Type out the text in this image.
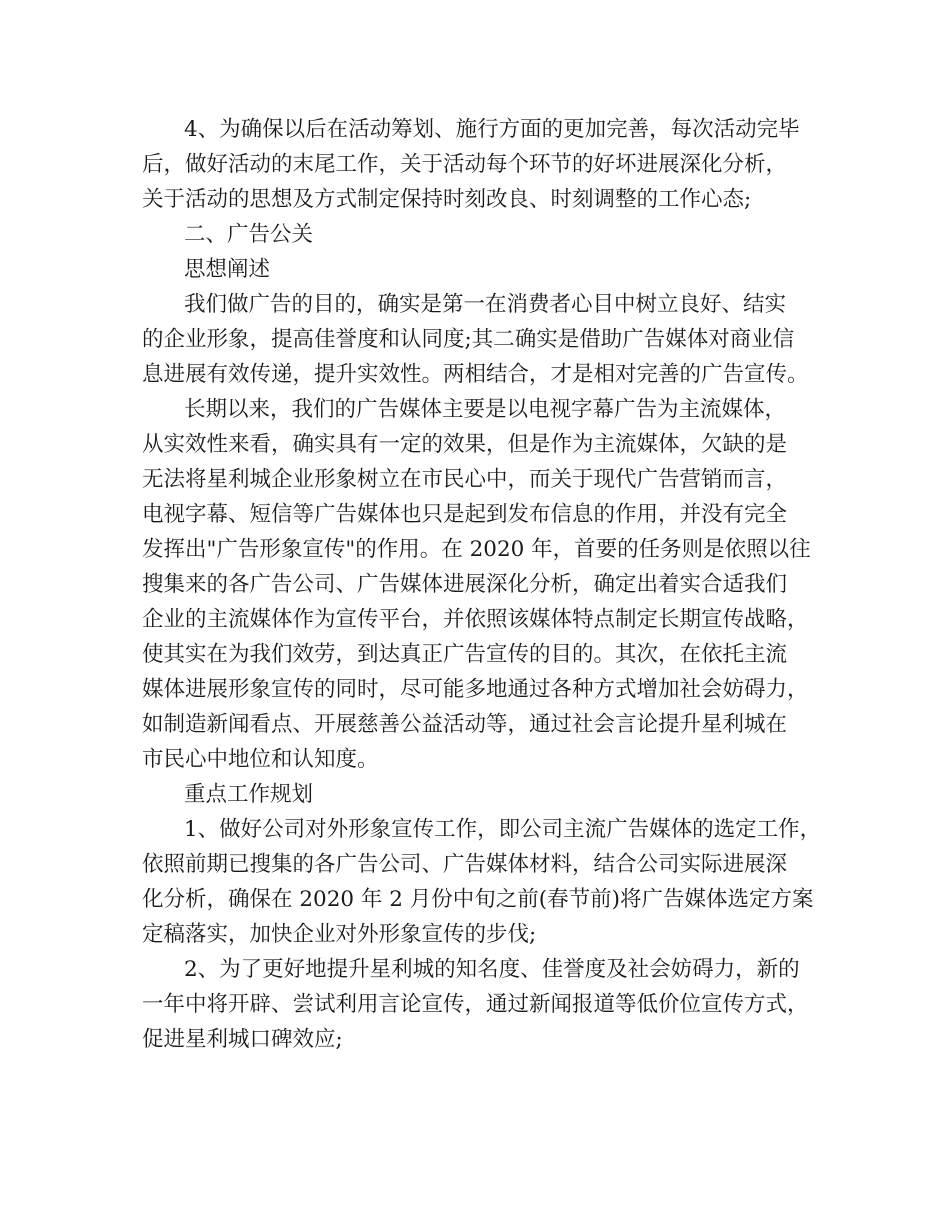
4、为确保以后在活动筹划、施行方面的更加完善，每次活动完毕
后，做好活动的末尾工作，关于活动每个环节的好坏进展深化分析，
关于活动的思想及方式制定保持时刻改良、时刻调整的工作心态;
二、广告公关
思想阐述
我们做广告的目的，确实是第一在消费者心目中树立良好、结实
的企业形象，提高佳誉度和认同度;其二确实是借助广告媒体对商业信
息进展有效传递，提升实效性。两相结合，才是相对完善的广告宣传。
长期以来，我们的广告媒体主要是以电视字幕广告为主流媒体，
从实效性来看，确实具有一定的效果，但是作为主流媒体，欠缺的是
无法将星利城企业形象树立在市民心中，而关于现代广告营销而言，
电视字幕、短信等广告媒体也只是起到发布信息的作用，并没有完全
发挥出"广告形象宣传"的作用。在 2020 年，首要的任务则是依照以往
搜集来的各广告公司、广告媒体进展深化分析，确定出着实合适我们
企业的主流媒体作为宣传平台，并依照该媒体特点制定长期宣传战略，
使其实在为我们效劳，到达真正广告宣传的目的。其次，在依托主流
媒体进展形象宣传的同时，尽可能多地通过各种方式增加社会妨碍力，
如制造新闻看点、开展慈善公益活动等，通过社会言论提升星利城在
市民心中地位和认知度。
重点工作规划
1、做好公司对外形象宣传工作，即公司主流广告媒体的选定工作，
依照前期已搜集的各广告公司、广告媒体材料，结合公司实际进展深
化分析，确保在 2020 年 2 月份中旬之前(春节前)将广告媒体选定方案
定稿落实，加快企业对外形象宣传的步伐;
2、为了更好地提升星利城的知名度、佳誉度及社会妨碍力，新的
一年中将开辟、尝试利用言论宣传，通过新闻报道等低价位宣传方式，
促进星利城口碑效应;
